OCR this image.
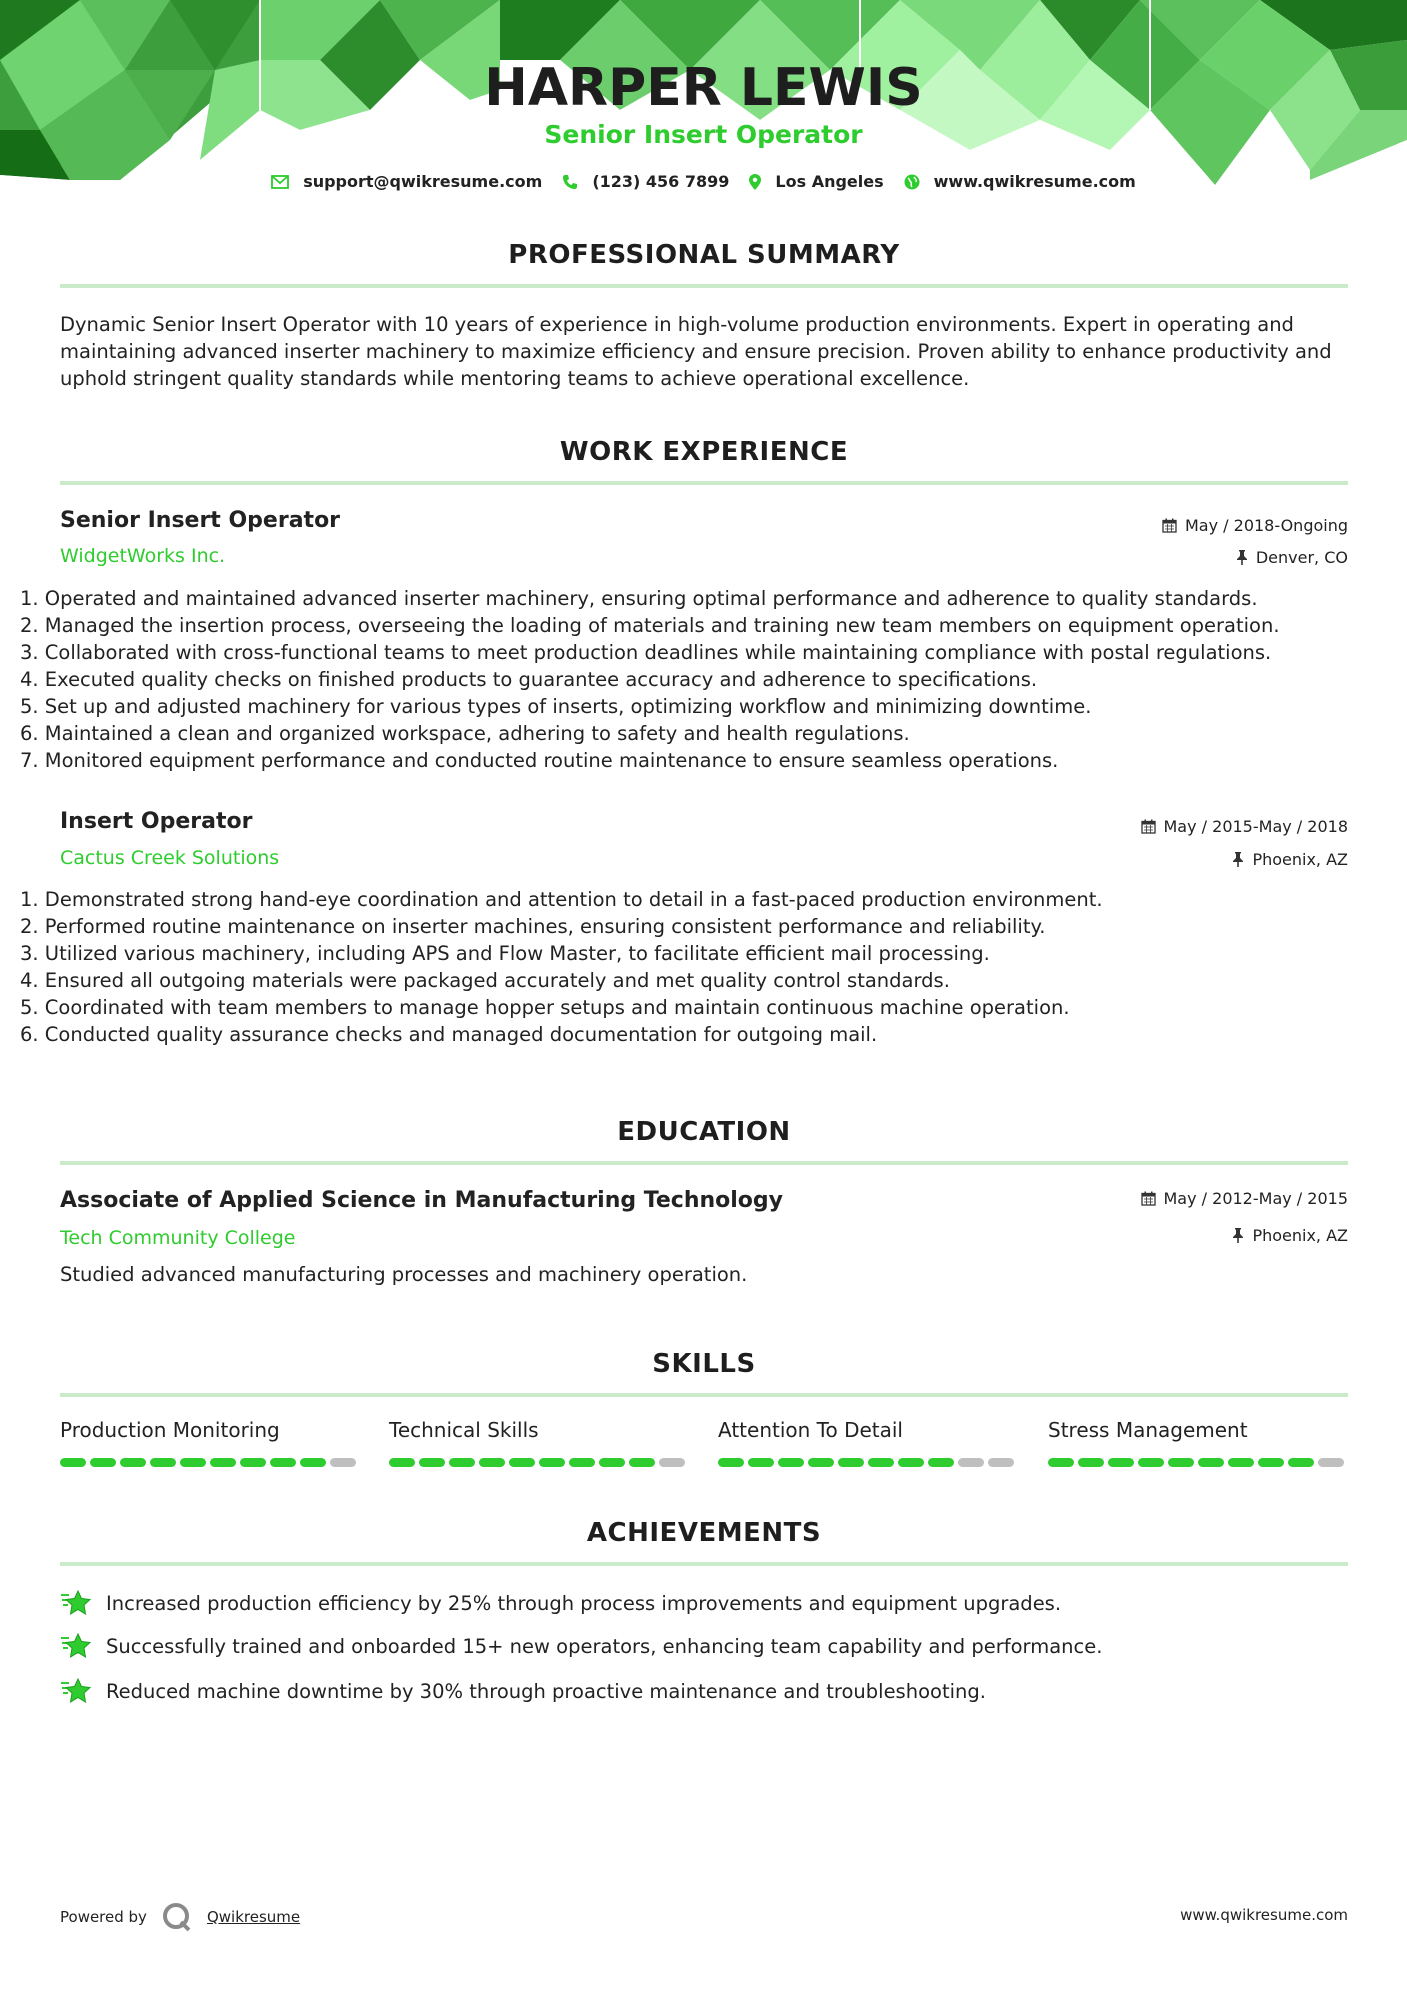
HARPER LEWIS
Senior Insert Operator
support@qwikresume.com	(123) 456 7899	Los Angeles	www.qwikresume.com
PROFESSIONAL SUMMARY
Dynamic Senior Insert Operator with 10 years of experience in high-volume production environments. Expert in operating and maintaining advanced inserter machinery to maximize efficiency and ensure precision. Proven ability to enhance productivity and uphold stringent quality standards while mentoring teams to achieve operational excellence.
WORK EXPERIENCE
Senior Insert Operator
WidgetWorks Inc.
May / 2018-Ongoing
Denver, CO
1. Operated and maintained advanced inserter machinery, ensuring optimal performance and adherence to quality standards.
2. Managed the insertion process, overseeing the loading of materials and training new team members on equipment operation.
3. Collaborated with cross-functional teams to meet production deadlines while maintaining compliance with postal regulations.
4. Executed quality checks on finished products to guarantee accuracy and adherence to specifications.
5. Set up and adjusted machinery for various types of inserts, optimizing workflow and minimizing downtime.
6. Maintained a clean and organized workspace, adhering to safety and health regulations.
7. Monitored equipment performance and conducted routine maintenance to ensure seamless operations.
Insert Operator
Cactus Creek Solutions
May / 2015-May / 2018
Phoenix, AZ
1. Demonstrated strong hand-eye coordination and attention to detail in a fast-paced production environment.
2. Performed routine maintenance on inserter machines, ensuring consistent performance and reliability.
3. Utilized various machinery, including APS and Flow Master, to facilitate efficient mail processing.
4. Ensured all outgoing materials were packaged accurately and met quality control standards.
5. Coordinated with team members to manage hopper setups and maintain continuous machine operation.
6. Conducted quality assurance checks and managed documentation for outgoing mail.
EDUCATION
Associate of Applied Science in Manufacturing Technology
Tech Community College
May / 2012-May / 2015
Phoenix, AZ
Studied advanced manufacturing processes and machinery operation.
SKILLS
Production Monitoring	Technical Skills	Attention To Detail	Stress Management
ACHIEVEMENTS
Increased production efficiency by 25% through process improvements and equipment upgrades.
Successfully trained and onboarded 15+ new operators, enhancing team capability and performance.
Reduced machine downtime by 30% through proactive maintenance and troubleshooting.
Powered by	Qwikresume	www.qwikresume.com
